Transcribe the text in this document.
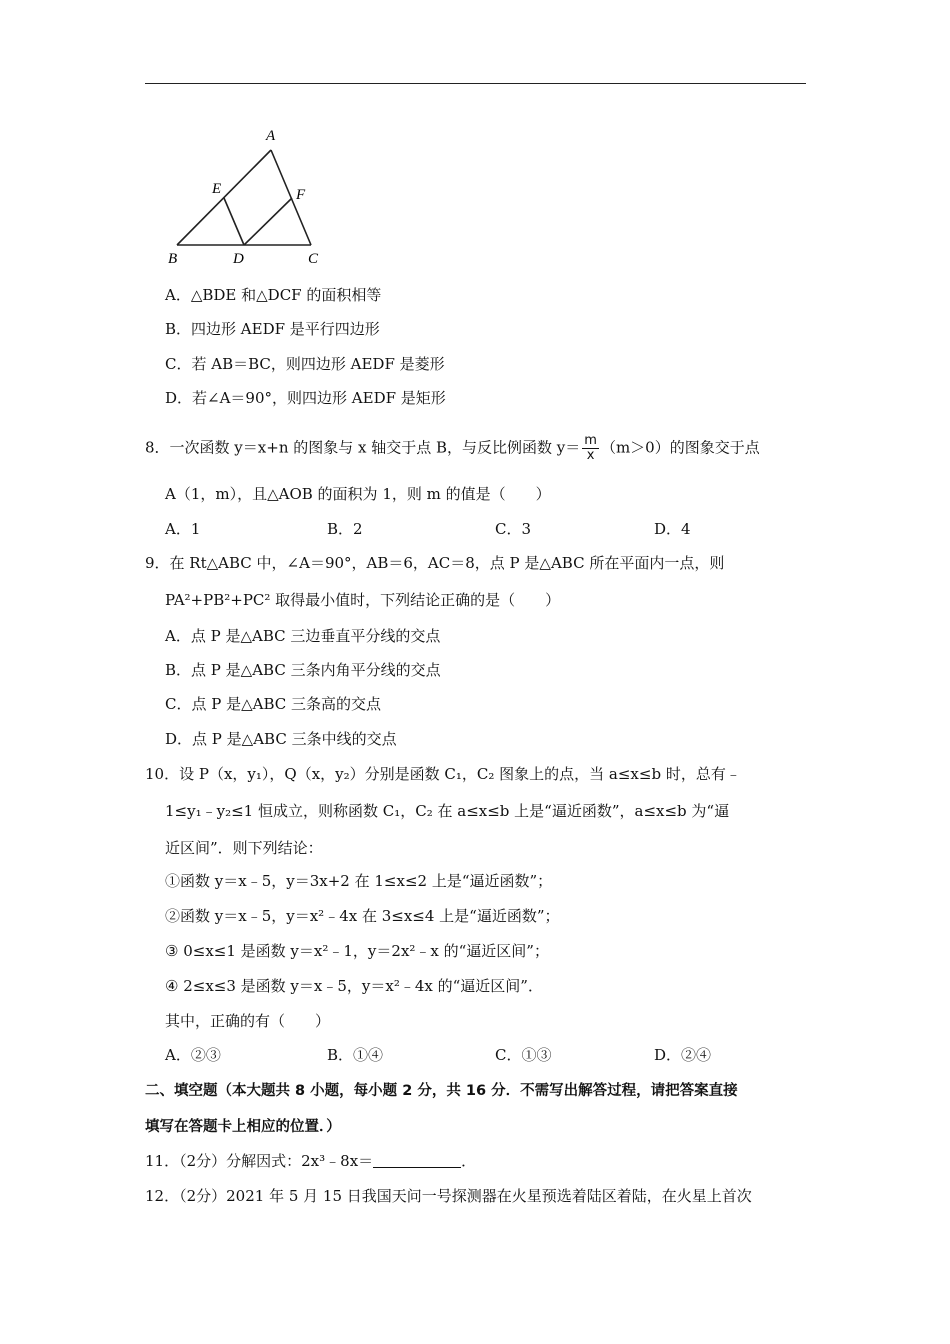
A
E	F
B	D	C
A．△BDE 和△DCF 的面积相等
B．四边形 AEDF 是平行四边形
C．若 AB＝BC，则四边形 AEDF 是菱形
D．若∠A＝90°，则四边形 AEDF 是矩形
8．一次函数 y＝x+n 的图象与 x 轴交于点 B，与反比例函数 $y= \frac{m}{x} (m>0)$的图象交于点
A（1，m），且△AOB 的面积为 1，则 m 的值是（　　）
A．1	B．2	C．3	D．4
9．在 Rt△ABC 中，∠A＝90°，AB＝6，AC＝8，点 P 是△ABC 所在平面内一点，则
PA²+PB²+PC² 取得最小值时，下列结论正确的是（　　）
A．点 P 是△ABC 三边垂直平分线的交点
B．点 P 是△ABC 三条内角平分线的交点
C．点 P 是△ABC 三条高的交点
D．点 P 是△ABC 三条中线的交点
10．设 P（x，y₁），Q（x，y₂）分别是函数 C₁，C₂ 图象上的点，当 a≤x≤b 时，总有﹣
1≤y₁﹣y₂≤1 恒成立，则称函数 C₁，C₂ 在 a≤x≤b 上是“逼近函数”，a≤x≤b 为“逼
近区间”．则下列结论：
①函数 y＝x﹣5，y＝3x+2 在 1≤x≤2 上是“逼近函数”；
②函数 y＝x﹣5，y＝x²﹣4x 在 3≤x≤4 上是“逼近函数”；
③ 0≤x≤1 是函数 y＝x²﹣1，y＝2x²﹣x 的“逼近区间”；
④ 2≤x≤3 是函数 y＝x﹣5，y＝x²﹣4x 的“逼近区间”．
其中，正确的有（　　）
A．②③	B．①④	C．①③	D．②④
二、填空题（本大题共 8 小题，每小题 2 分，共 16 分．不需写出解答过程，请把答案直接
填写在答题卡上相应的位置．）
11．（2分）分解因式：2x³﹣8x＝	．
12．（2分）2021 年 5 月 15 日我国天问一号探测器在火星预选着陆区着陆，在火星上首次
